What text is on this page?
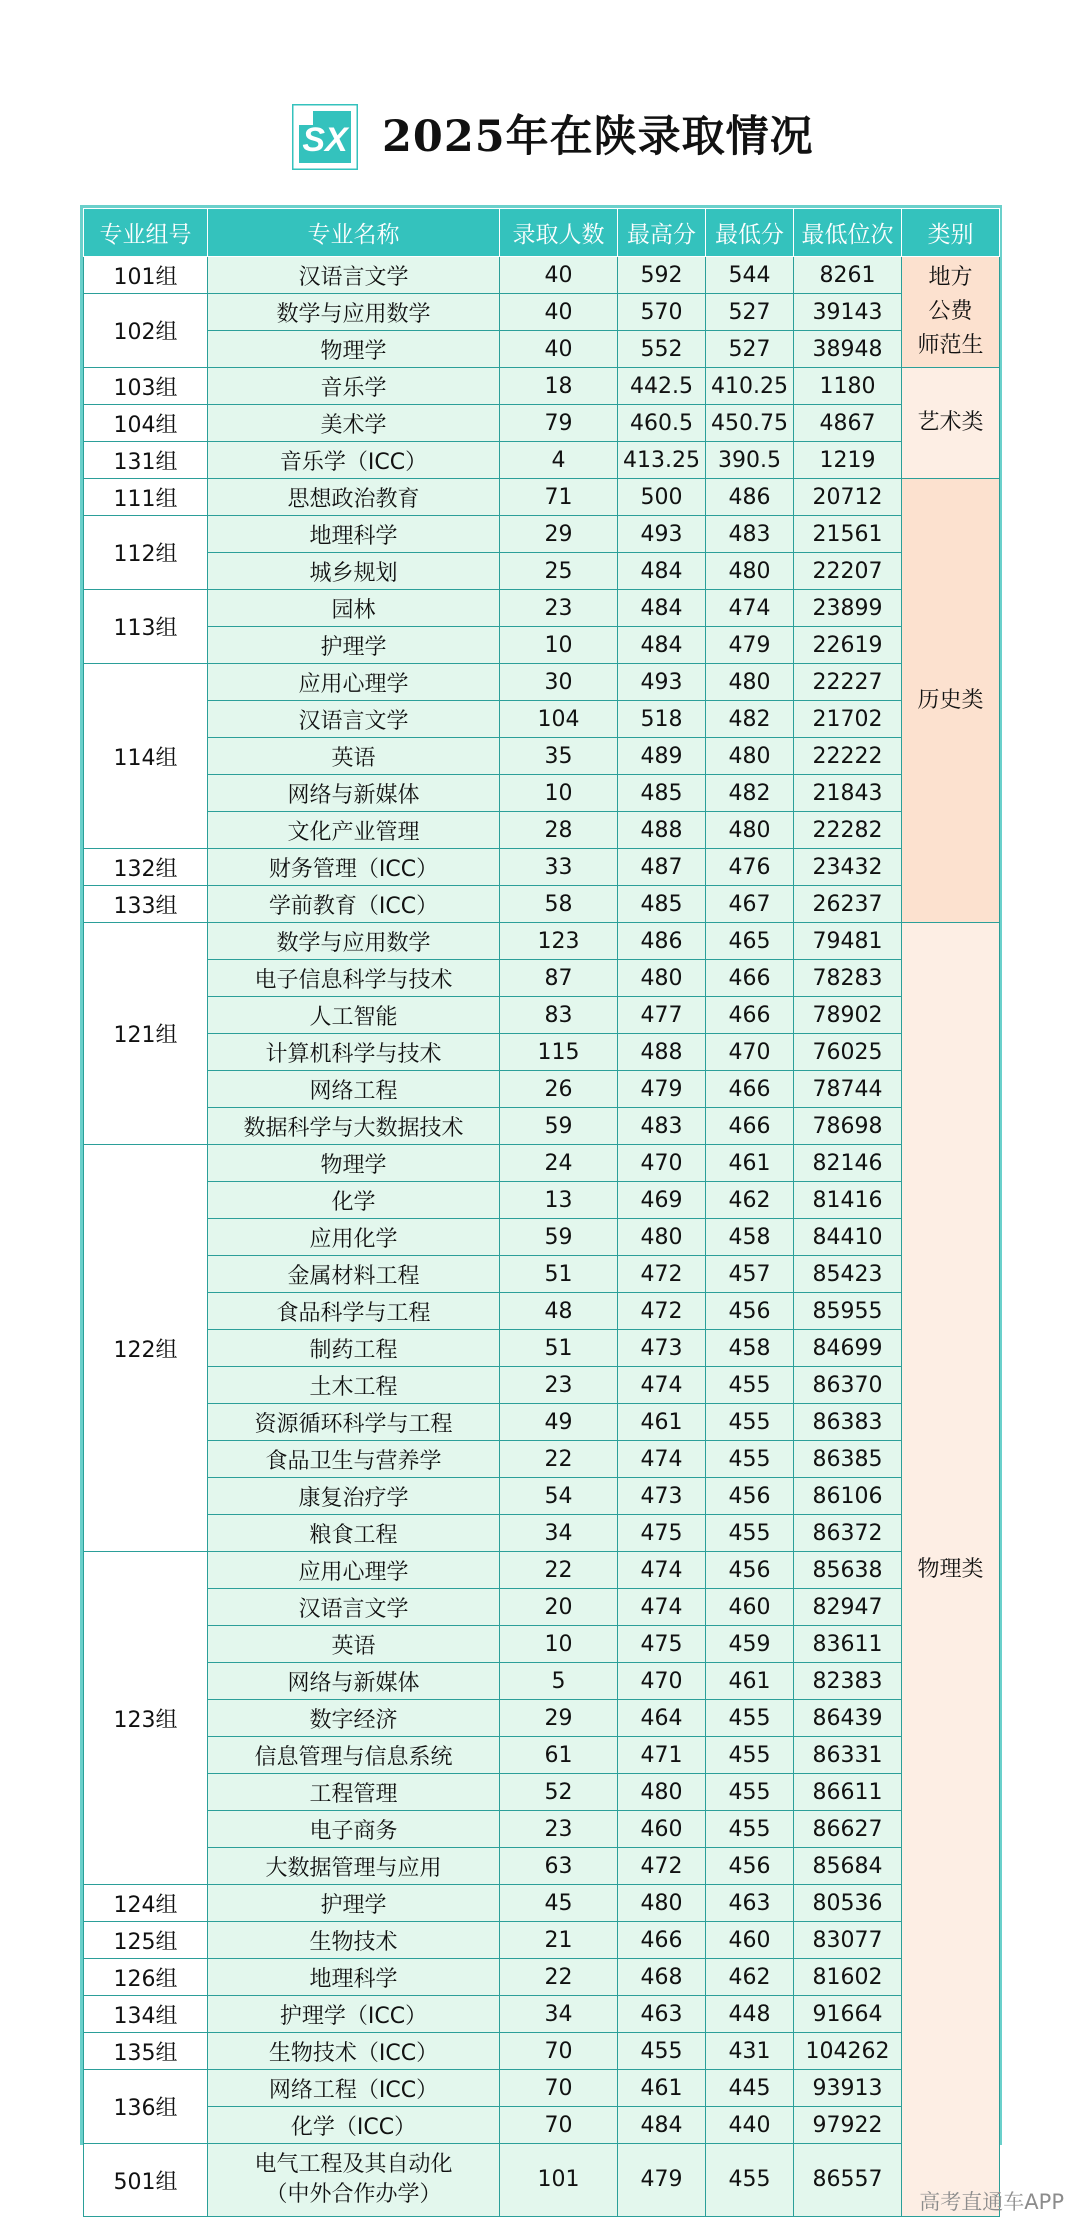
SX 2025年在陕录取情况
专业组号	专业名称	录取人数	最高分	最低分	最低位次	类别
101组	汉语言文学	40	592	544	8261	地方
公费
师范生
102组	数学与应用数学	40	570	527	39143	
	物理学	40	552	527	38948	
103组	音乐学	18	442.5	410.25	1180	艺术类
104组	美术学	79	460.5	450.75	4867	
131组	音乐学（ICC）	4	413.25	390.5	1219	
111组	思想政治教育	71	500	486	20712	历史类
112组	地理科学	29	493	483	21561	
	城乡规划	25	484	480	22207	
113组	园林	23	484	474	23899	
	护理学	10	484	479	22619	
114组	应用心理学	30	493	480	22227	
	汉语言文学	104	518	482	21702	
	英语	35	489	480	22222	
	网络与新媒体	10	485	482	21843	
	文化产业管理	28	488	480	22282	
132组	财务管理（ICC）	33	487	476	23432	
133组	学前教育（ICC）	58	485	467	26237	
121组	数学与应用数学	123	486	465	79481	物理类
	电子信息科学与技术	87	480	466	78283	
	人工智能	83	477	466	78902	
	计算机科学与技术	115	488	470	76025	
	网络工程	26	479	466	78744	
	数据科学与大数据技术	59	483	466	78698	
122组	物理学	24	470	461	82146	
	化学	13	469	462	81416	
	应用化学	59	480	458	84410	
	金属材料工程	51	472	457	85423	
	食品科学与工程	48	472	456	85955	
	制药工程	51	473	458	84699	
	土木工程	23	474	455	86370	
	资源循环科学与工程	49	461	455	86383	
	食品卫生与营养学	22	474	455	86385	
	康复治疗学	54	473	456	86106	
	粮食工程	34	475	455	86372	
123组	应用心理学	22	474	456	85638	
	汉语言文学	20	474	460	82947	
	英语	10	475	459	83611	
	网络与新媒体	5	470	461	82383	
	数字经济	29	464	455	86439	
	信息管理与信息系统	61	471	455	86331	
	工程管理	52	480	455	86611	
	电子商务	23	460	455	86627	
	大数据管理与应用	63	472	456	85684	
124组	护理学	45	480	463	80536	
125组	生物技术	21	466	460	83077	
126组	地理科学	22	468	462	81602	
134组	护理学（ICC）	34	463	448	91664	
135组	生物技术（ICC）	70	455	431	104262	
136组	网络工程（ICC）	70	461	445	93913	
	化学（ICC）	70	484	440	97922	
501组	电气工程及其自动化
（中外合作办学）	101	479	455	86557	
高考直通车APP
